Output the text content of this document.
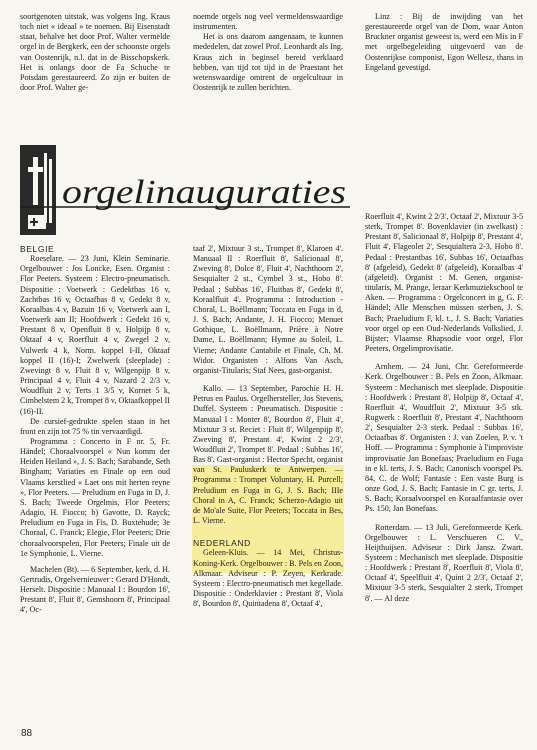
soortgenoten uitstak, was volgens Ing. Kraus toch niet « ideaal » te noemen. Bij Eisenstadt staat, behalve het door Prof. Walter vermelde orgel in de Bergkerk, een der schoonste orgels van Oostenrijk, n.l. dat in de Bisschopskerk. Het is onlangs door de Fa Schuche te Potsdam gerestaureerd. Zo zijn er buiten de door Prof. Walter ge-

noemde orgels nog veel vermeldenswaardige instrumenten.

Het is ons daarom aangenaam, te kunnen mededelen, dat zowel Prof. Leonhardt als Ing. Kraus zich in beginsel bereid verklaard hebben, van tijd tot tijd in de Praestant het wetenswaardige omtrent de orgelcultuur in Oostenrijk te zullen berichten.

Linz : Bij de inwijding van het gerestaureerde orgel van de Dom, waar Anton Bruckner organist geweest is, werd een Mis in F met orgelbegeleiding uitgevoerd van de Oostenrijkse componist, Egon Wellesz, thans in Engeland gevestigd.

orgelinauguraties

BELGIE

Roeselare. — 23 Juni, Klein Seminarie. Orgelbouwer : Jos Loncke, Esen. Organist : Flor Peeters. Systeem : Electro-pneumatisch. Dispositie : Voetwerk : Gedektbas 16 v, Zachtbas 16 v, Octaafbas 8 v, Gedekt 8 v, Koraalbas 4 v, Bazuin 16 v, Voetwerk aan I, Voetwerk aan II; Hoofdwerk : Gedekt 16 v, Prestant 8 v, Openfluit 8 v, Holpijp 8 v, Oktaaf 4 v, Roerfluit 4 v, Zwegel 2 v, Vulwerk 4 k, Norm. koppel I-II, Oktaaf koppel II (16)-I; Zwelwerk (sleeplade) : Zwevingt 8 v, Fluit 8 v, Wilgenpijp 8 v, Principaal 4 v, Fluit 4 v, Nazard 2 2/3 v, Woudfluit 2 v, Terts 1 3/5 v, Kornet 5 k, Cimbelstem 2 k, Trompet 8 v, Oktaafkoppel II (16)-II.

De cursief-gedrukte spelen staan in het front en zijn tot 75 % tin vervaardigd.

Programma : Concerto in F nr. 5, Fr. Händel; Choraalvoorspel « Nun komm der Heiden Heiland », J. S. Bach; Sarabande, Seth Bingham; Variaties en Finale op een oud Vlaams kerstlied « Laet ons mit herten reyne », Flor Peeters. — Preludium en Fuga in D, J. S. Bach; Tweede Orgelmis, Flor Peeters; Adagio, H. Fiocco; b) Gavotte, D. Rayck; Preludium en Fuga in Fis, D. Buxtehude; 3e Choraal, C. Franck; Elegie, Flor Peeters; Drie choraalvoorspelen, Flor Peeters; Finale uit de 1e Symphonie, L. Vierne.

Machelen (Bt). — 6 September, kerk, d. H. Gertrudis, Orgelvernieuwer : Gerard D'Hondt, Herselt. Dispositie : Manuaal I : Bourdon 16', Prestant 8', Fluit 8', Gemshoorn 8', Principaal 4', Oc-

taaf 2', Mixtuur 3 st., Trompet 8', Klaroen 4'. Manuaal II : Roerfluit 8', Salicionaal 8', Zweving 8', Dolce 8', Fluit 4', Nachthoorn 2', Sesquialter 2 st., Cymbel 3 st., Hobo 8'. Pedaal : Subbas 16', Fluitbas 8', Gedekt 8', Koraalfluit 4'. Programma : Introduction - Choral, L. Boëllmann; Toccata en Fuga in d, J. S. Bach; Andante, J. H. Fiocco; Menuet Gothique, L. Boëllmann, Prière à Notre Dame, L. Boëllmann; Hymne au Soleil, L. Vierne; Andante Cantabile et Finale, Ch. M. Widor. Organisten : Alfons Van Asch, organist-Titularis; Staf Nees, gast-organist.

Kallo. — 13 September, Parochie H. H. Petrus en Paulus. Orgelhersteller, Jos Stevens, Duffel. Systeem : Pneumatisch. Dispositie : Manuaal I : Monter 8', Bourdon 8', Fluit 4', Mixtuur 3 st. Reciet : Fluit 8', Wilgenpijp 8', Zweving 8', Prestant 4', Kwint 2 2/3', Woudfluit 2', Trompet 8'. Pedaal : Subbas 16', Bas 8'. Gast-organist : Hector Specht, organist van St. Pauluskerk te Antwerpen. — Programma : Trompet Voluntary, H. Purcell; Preludium en Fuga in G, J. S. Bach; IIIe Choral in A, C. Franck; Scherzo-Adagio uit de Mo'ale Suite, Flor Peeters; Toccata in Bes, L. Vierne.

NEDERLAND

Geleen-Kluis. — 14 Mei, Christus-Koning-Kerk. Orgelbouwer : B. Pels en Zoon, Alkmaar. Adviseur : P. Zeyen, Kerkrade. Systeem : Electro-pneumatisch met kegellade. Dispositie : Onderklavier : Prestant 8', Viola 8', Bourdon 8', Quintadena 8', Octaaf 4',

Roerfluit 4', Kwint 2 2/3', Octaaf 2', Mixtuur 3-5 sterk, Trompet 8'. Bovenklavier (in zwelkast) : Prestant 8', Salicionaal 8', Holpijp 8', Prestant 4', Fluit 4', Flageolet 2', Sesquialtera 2-3, Hobo 8'. Pedaal : Prestantbas 16', Subbas 16', Octaafbas 8' (afgeleid), Gedekt 8' (afgeleid), Koraalbas 4' (afgeleid). Organist : M. Genen, organist-titularis, M. Prange, leraar Kerkmuziekschool te Aken. — Programma : Orgelconcert in g, G. F. Händel; Alle Menschen müssen sterben, J. S. Bach; Praeludium F, kl. t., J. S. Bach; Variaties voor orgel op een Oud-Nederlands Volkslied, J. Bijster; Vlaamse Rhapsodie voor orgel, Flor Peeters, Orgelimprovisatie.

Arnhem. — 24 Juni, Chr. Gereformeerde Kerk. Orgelbouwer : B. Pels en Zoon, Alkmaar. Systeem : Mechanisch met sleeplade. Dispositie : Hoofdwerk : Prestant 8', Holpijp 8', Octaaf 4', Roerfluit 4', Woudfluit 2', Mixtuur 3-5 stk. Rugwerk : Roerfluit 8', Prestant 4', Nachthoorn 2', Sesquialter 2-3 sterk. Pedaal : Subbas 16', Octaafbas 8'. Organisten : J. van Zoelen, P. v. 't Hoff. — Programma : Symphonie à l'improviste improvisatie Jan Bonefaas; Praeludium en Fuga in e kl. terts, J. S. Bach; Canonisch voorspel Ps. 84, C. de Wolf; Fantasie : Een vaste Burg is onze God, J. S. Bach; Fantasie in C gr. terts, J. S. Bach; Koraalvoorspel en Koraalfantasie over Ps. 150, Jan Bonefaas.

Rotterdam. — 13 Juli, Gereformeerde Kerk. Orgelbouwer : L. Verschueren C. V., Heijthuijsen. Adviseur : Dirk Jansz. Zwart. Systeem : Mechanisch met sleeplade. Dispositie : Hoofdwerk : Prestant 8', Roerfluit 8', Viola 8', Octaaf 4', Speelfluit 4', Quint 2 2/3', Octaaf 2', Mixtuur 3-5 sterk, Sesquialter 2 sterk, Trompet 8'. — Al deze

88
